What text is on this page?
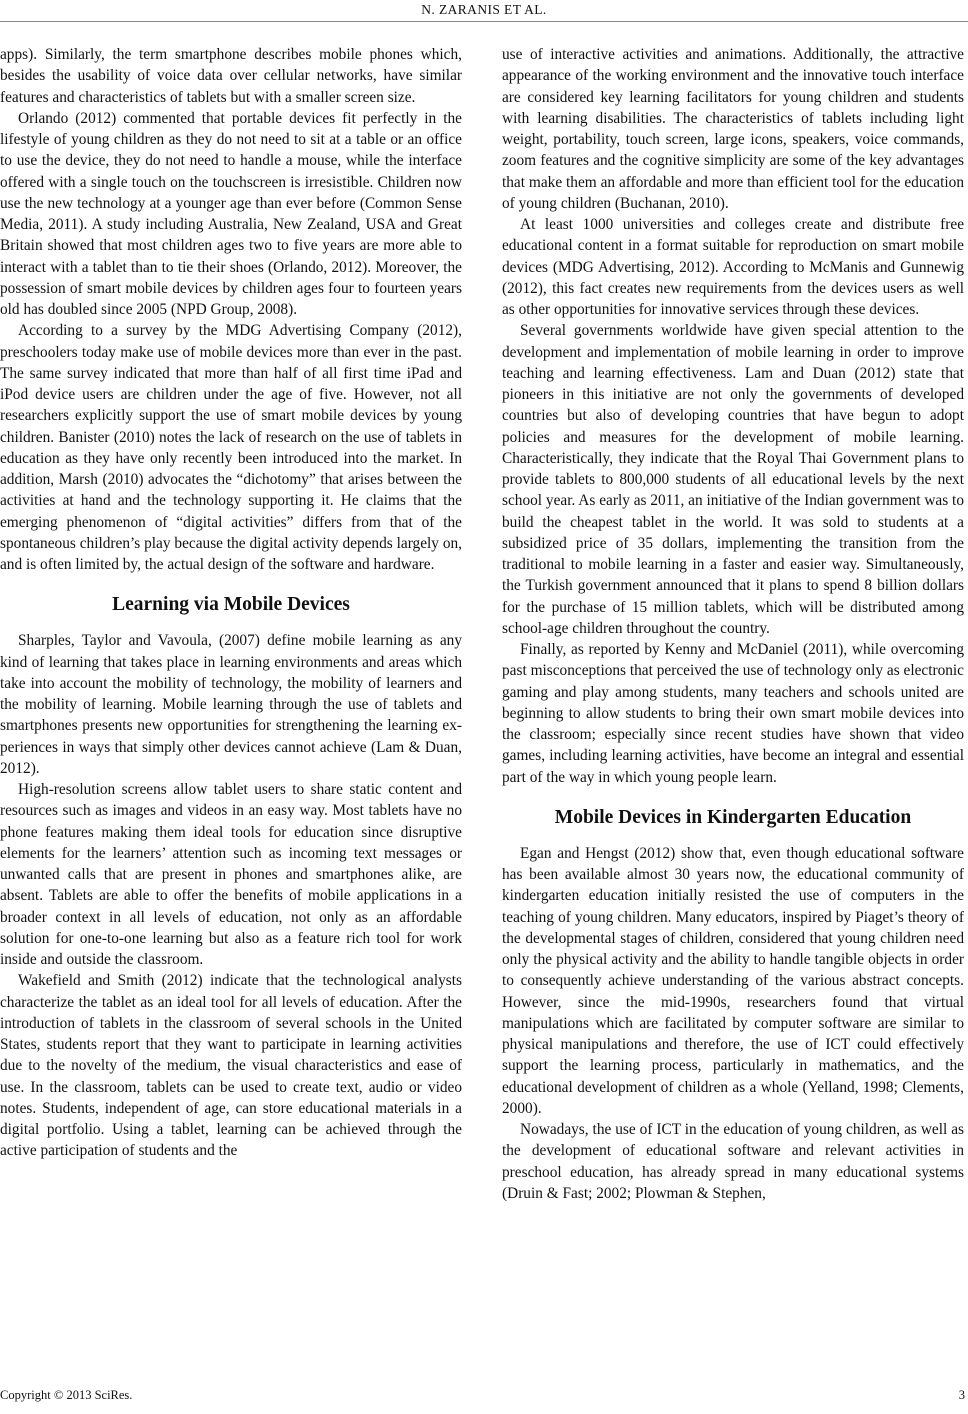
N. ZARANIS ET AL.

apps). Similarly, the term smartphone describes mobile phones which, besides the usability of voice data over cellular networks, have similar features and characteristics of tablets but with a smaller screen size.

Orlando (2012) commented that portable devices fit perfectly in the lifestyle of young children as they do not need to sit at a table or an office to use the device, they do not need to handle a mouse, while the interface offered with a single touch on the touchscreen is irresistible. Children now use the new technology at a younger age than ever before (Common Sense Media, 2011). A study including Australia, New Zealand, USA and Great Britain showed that most children ages two to five years are more able to interact with a tablet than to tie their shoes (Orlando, 2012). Moreover, the possession of smart mobile devices by children ages four to fourteen years old has doubled since 2005 (NPD Group, 2008).

According to a survey by the MDG Advertising Company (2012), preschoolers today make use of mobile devices more than ever in the past. The same survey indicated that more than half of all first time iPad and iPod device users are children under the age of five. However, not all researchers explicitly support the use of smart mobile devices by young children. Banister (2010) notes the lack of research on the use of tablets in education as they have only recently been introduced into the market. In addition, Marsh (2010) advocates the “dichotomy” that arises between the activities at hand and the technology supporting it. He claims that the emerging phenomenon of “digital activities” differs from that of the spontaneous children’s play because the digital activity depends largely on, and is often limited by, the actual design of the software and hardware.

Learning via Mobile Devices

Sharples, Taylor and Vavoula, (2007) define mobile learning as any kind of learning that takes place in learning environments and areas which take into account the mobility of technology, the mobility of learners and the mobility of learning. Mobile learning through the use of tablets and smartphones presents new opportunities for strengthening the learning experiences in ways that simply other devices cannot achieve (Lam & Duan, 2012).

High-resolution screens allow tablet users to share static content and resources such as images and videos in an easy way. Most tablets have no phone features making them ideal tools for education since disruptive elements for the learners’ attention such as incoming text messages or unwanted calls that are present in phones and smartphones alike, are absent. Tablets are able to offer the benefits of mobile applications in a broader context in all levels of education, not only as an affordable solution for one-to-one learning but also as a feature rich tool for work inside and outside the classroom.

Wakefield and Smith (2012) indicate that the technological analysts characterize the tablet as an ideal tool for all levels of education. After the introduction of tablets in the classroom of several schools in the United States, students report that they want to participate in learning activities due to the novelty of the medium, the visual characteristics and ease of use. In the classroom, tablets can be used to create text, audio or video notes. Students, independent of age, can store educational materials in a digital portfolio. Using a tablet, learning can be achieved through the active participation of students and the

use of interactive activities and animations. Additionally, the attractive appearance of the working environment and the innovative touch interface are considered key learning facilitators for young children and students with learning disabilities. The characteristics of tablets including light weight, portability, touch screen, large icons, speakers, voice commands, zoom features and the cognitive simplicity are some of the key advantages that make them an affordable and more than efficient tool for the education of young children (Buchanan, 2010).

At least 1000 universities and colleges create and distribute free educational content in a format suitable for reproduction on smart mobile devices (MDG Advertising, 2012). According to McManis and Gunnewig (2012), this fact creates new requirements from the devices users as well as other opportunities for innovative services through these devices.

Several governments worldwide have given special attention to the development and implementation of mobile learning in order to improve teaching and learning effectiveness. Lam and Duan (2012) state that pioneers in this initiative are not only the governments of developed countries but also of developing countries that have begun to adopt policies and measures for the development of mobile learning. Characteristically, they indicate that the Royal Thai Government plans to provide tablets to 800,000 students of all educational levels by the next school year. As early as 2011, an initiative of the Indian government was to build the cheapest tablet in the world. It was sold to students at a subsidized price of 35 dollars, implementing the transition from the traditional to mobile learning in a faster and easier way. Simultaneously, the Turkish government announced that it plans to spend 8 billion dollars for the purchase of 15 million tablets, which will be distributed among school-age children throughout the country.

Finally, as reported by Kenny and McDaniel (2011), while overcoming past misconceptions that perceived the use of technology only as electronic gaming and play among students, many teachers and schools united are beginning to allow students to bring their own smart mobile devices into the classroom; especially since recent studies have shown that video games, including learning activities, have become an integral and essential part of the way in which young people learn.

Mobile Devices in Kindergarten Education

Egan and Hengst (2012) show that, even though educational software has been available almost 30 years now, the educational community of kindergarten education initially resisted the use of computers in the teaching of young children. Many educators, inspired by Piaget’s theory of the developmental stages of children, considered that young children need only the physical activity and the ability to handle tangible objects in order to consequently achieve understanding of the various abstract concepts. However, since the mid-1990s, researchers found that virtual manipulations which are facilitated by computer software are similar to physical manipulations and therefore, the use of ICT could effectively support the learning process, particularly in mathematics, and the educational development of children as a whole (Yelland, 1998; Clements, 2000).

Nowadays, the use of ICT in the education of young children, as well as the development of educational software and relevant activities in preschool education, has already spread in many educational systems (Druin & Fast; 2002; Plowman & Stephen,

Copyright © 2013 SciRes.	3
